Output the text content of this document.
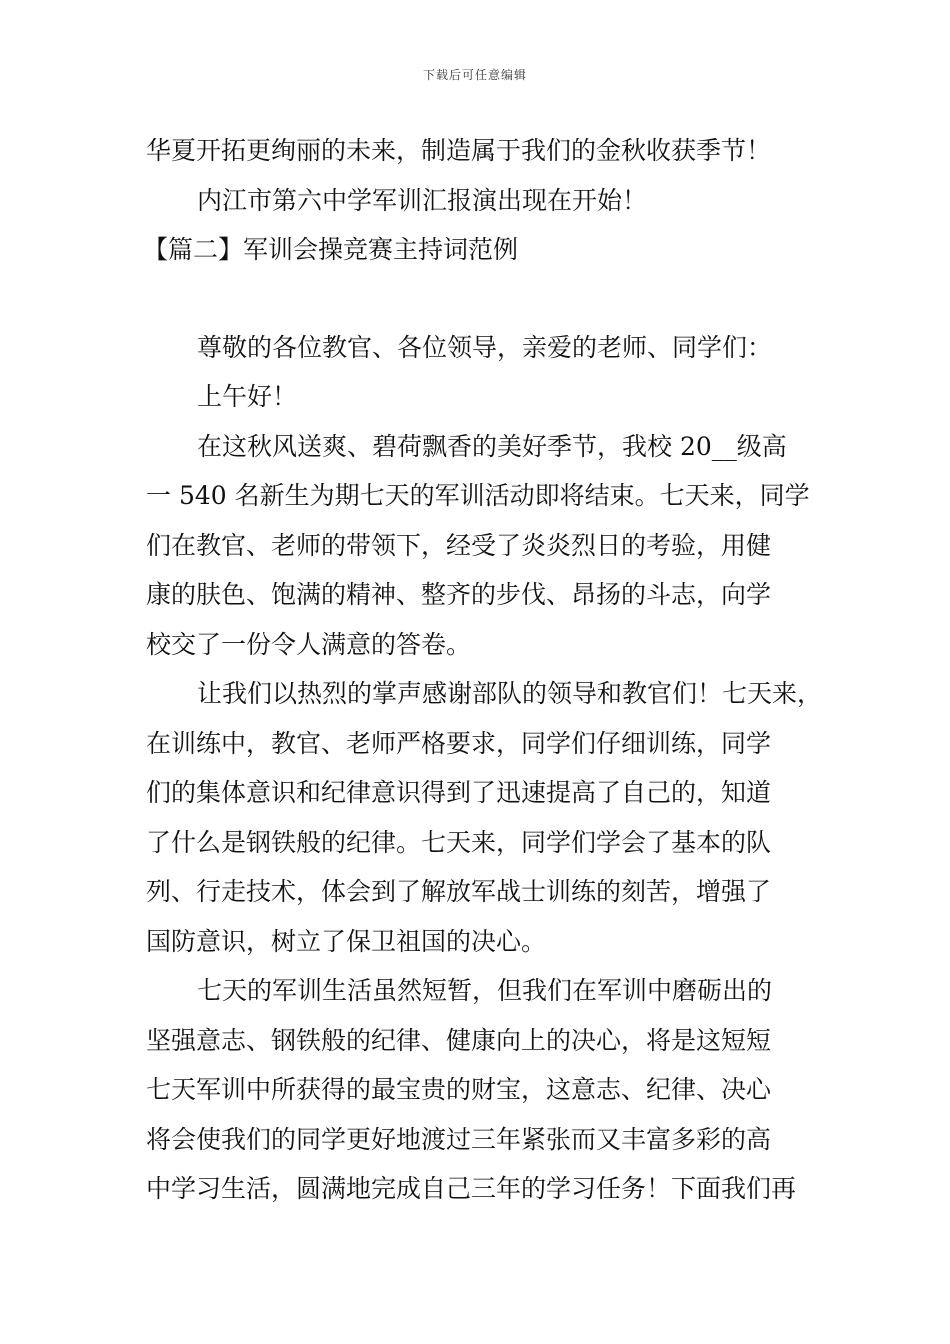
下载后可任意编辑
华夏开拓更绚丽的未来，制造属于我们的金秋收获季节！
内江市第六中学军训汇报演出现在开始！
【篇二】军训会操竞赛主持词范例
尊敬的各位教官、各位领导，亲爱的老师、同学们：
上午好！
在这秋风送爽、碧荷飘香的美好季节，我校 20__级高
一 540 名新生为期七天的军训活动即将结束。七天来，同学
们在教官、老师的带领下，经受了炎炎烈日的考验，用健
康的肤色、饱满的精神、整齐的步伐、昂扬的斗志，向学
校交了一份令人满意的答卷。
让我们以热烈的掌声感谢部队的领导和教官们！七天来，
在训练中，教官、老师严格要求，同学们仔细训练，同学
们的集体意识和纪律意识得到了迅速提高了自己的，知道
了什么是钢铁般的纪律。七天来，同学们学会了基本的队
列、行走技术，体会到了解放军战士训练的刻苦，增强了
国防意识，树立了保卫祖国的决心。
七天的军训生活虽然短暂，但我们在军训中磨砺出的
坚强意志、钢铁般的纪律、健康向上的决心，将是这短短
七天军训中所获得的最宝贵的财宝，这意志、纪律、决心
将会使我们的同学更好地渡过三年紧张而又丰富多彩的高
中学习生活，圆满地完成自己三年的学习任务！下面我们再
